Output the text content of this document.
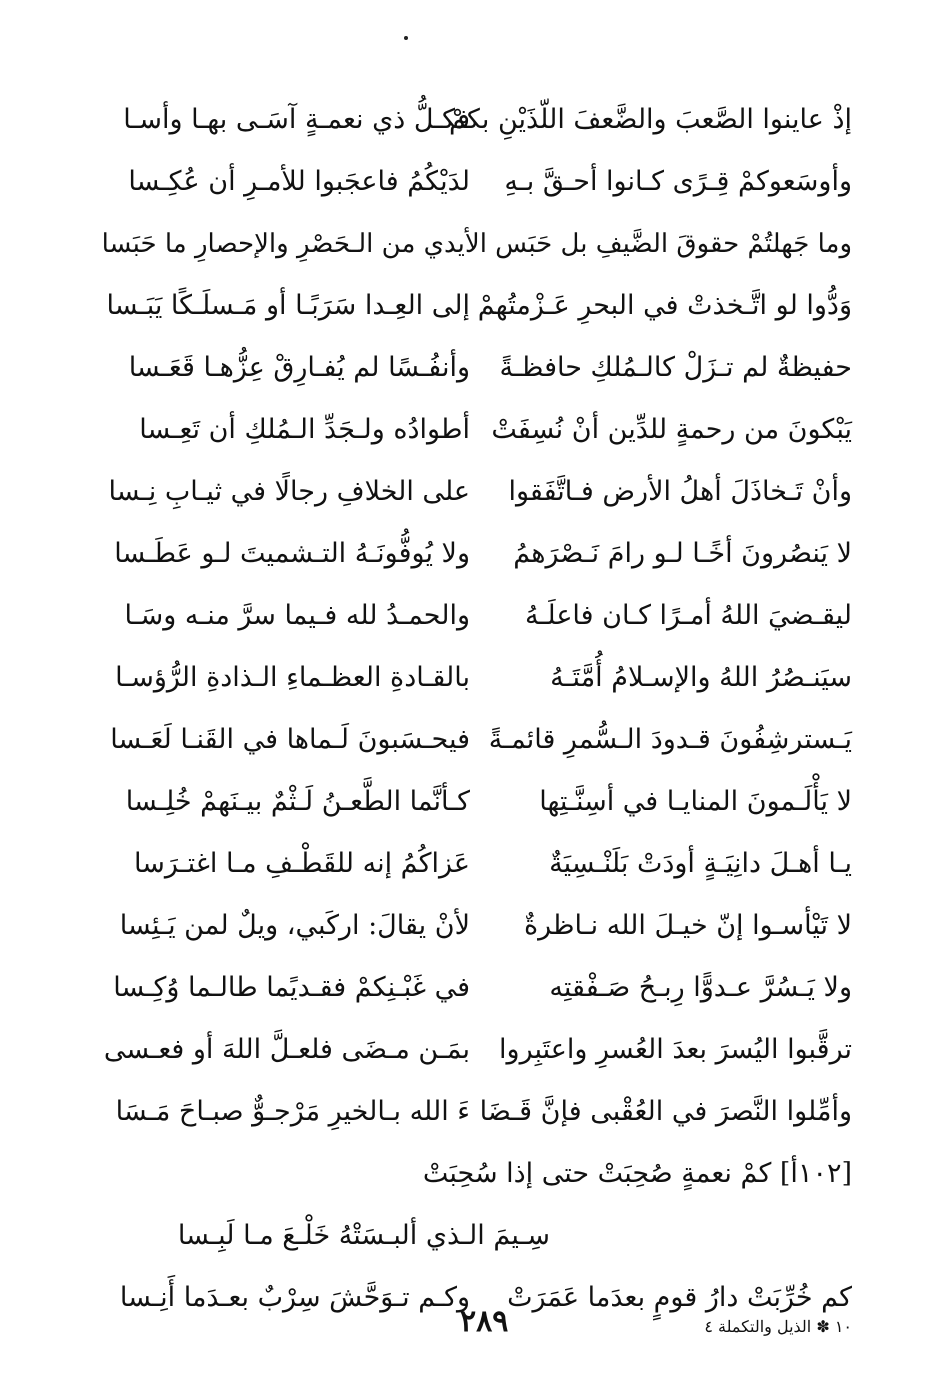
إذْ عاينوا الصَّعبَ والضَّعفَ اللّذَيْنِ بكمْ
فكـلُّ ذي نعمـةٍ آسَـى بهـا وأسـا
وأوسَعوكمْ قِـرًى كـانوا أحـقَّ بـهِ
لدَيْكُمُ فاعجَبوا للأمـرِ أن عُكِـسا
وما جَهلتُمْ حقوقَ الضَّيفِ بل حَبَس الأيدي من الـحَصْرِ والإحصارِ ما حَبَسا
وَدُّوا لو اتَّـخذتْ في البحرِ عَـزْمتُهمْ
إلى العِـدا سَرَبًـا أو مَـسلَـكًا يَبَـسا
حفيظةٌ لم تـزَلْ كالـمُلكِ حافظـةً
وأنفُـسًا لم يُفـارِقْ عِزُّهـا قَعَـسا
يَبْكونَ من رحمةٍ للدِّين أنْ نُسِفَتْ
أطوادُه ولـجَدِّ الـمُلكِ أن تَعِـسا
وأنْ تَـخاذَلَ أهلُ الأرض فـاتَّفَقوا
على الخلافِ رجالًا في ثيـابِ نِـسا
لا يَنصُرونَ أخًـا لـو رامَ نَـصْرَهمُ
ولا يُوفُّونَـهُ التـشميتَ لـو عَطَـسا
ليقـضيَ اللهُ أمـرًا كـان فاعلَـهُ
والحمـدُ لله فـيما سرَّ منـه وسَـا
سيَنـصُرُ اللهُ والإسـلامُ أُمَّتَـهُ
بالقـادةِ العظـماءِ الـذادةِ الرُّؤسـا
يَـسترشِفُونَ قـدودَ الـسُّمرِ قائمـةً
فيحـسَبونَ لَـماها في القَنـا لَعَـسا
لا يَأْلَـمونَ المنايـا في أسِنَّـتِها
كـأنَّما الطَّعـنُ لَـثْمٌ بيـنَهمْ خُلِـسا
يـا أهـلَ دانِيَـةٍ أودَتْ بَلَنْـسِيَةٌ
عَزاكُمُ إنه للقَطْـفِ مـا اغتـرَسا
لا تَيْأسـوا إنّ خيـلَ الله نـاظرةٌ
لأنْ يقالَ: اركَبي، ويلٌ لمن يَـئِسا
ولا يَـسُرَّ عـدوًّا رِبـحُ صَـفْقتِه
في غَبْـنِكمْ فقـديًما طالـما وُكِـسا
ترقَّبوا اليُسرَ بعدَ العُسرِ واعتَبِروا
بمَـن مـضَى فلعـلَّ اللهَ أو فعـسى
وأمِّلوا النَّصرَ في العُقْبى فإنَّ قَـضَا
ءَ الله بـالخيرِ مَرْجـوٌّ صبـاحَ مَـسَا
[١٠٢أ] كمْ نعمةٍ صُحِبَتْ حتى إذا سُحِبَتْ
سِـيمَ الـذي ألبـسَتْهُ خَلْـعَ مـا لَبِـسا
كم خُرِّبَتْ دارُ قومٍ بعدَما عَمَرَتْ
وكـم تـوَحَّشَ سِرْبٌ بعـدَما أَنِـسا
١٠ ✽ الذيل والتكملة ٤
٢٨٩
